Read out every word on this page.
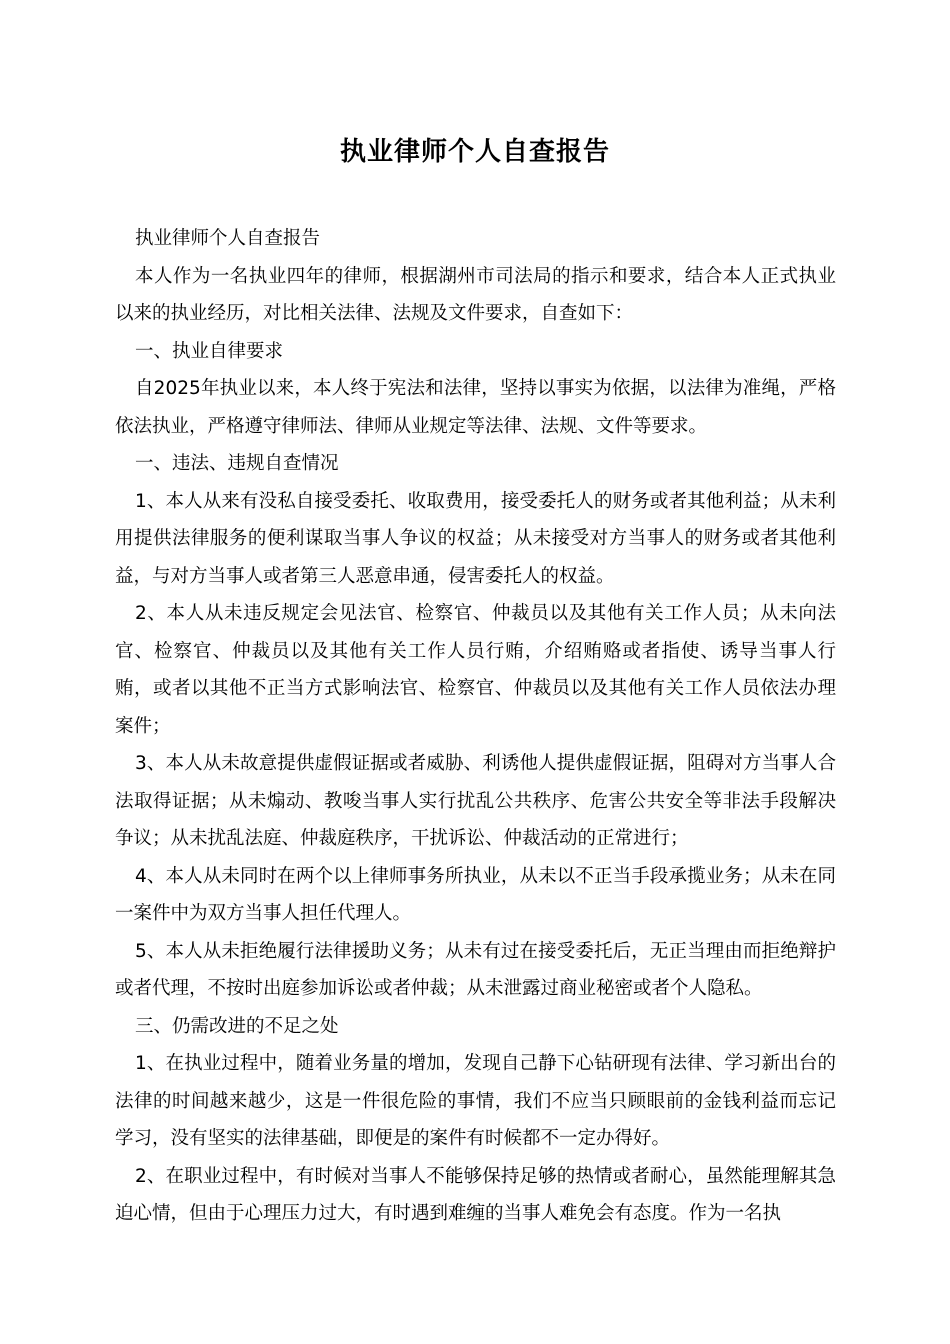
执业律师个人自查报告

执业律师个人自查报告

本人作为一名执业四年的律师，根据湖州市司法局的指示和要求，结合本人正式执业以来的执业经历，对比相关法律、法规及文件要求，自查如下：

一、执业自律要求

自2025年执业以来，本人终于宪法和法律，坚持以事实为依据，以法律为准绳，严格依法执业，严格遵守律师法、律师从业规定等法律、法规、文件等要求。

一、违法、违规自查情况

1、本人从来有没私自接受委托、收取费用，接受委托人的财务或者其他利益；从未利用提供法律服务的便利谋取当事人争议的权益；从未接受对方当事人的财务或者其他利益，与对方当事人或者第三人恶意串通，侵害委托人的权益。

2、本人从未违反规定会见法官、检察官、仲裁员以及其他有关工作人员；从未向法官、检察官、仲裁员以及其他有关工作人员行贿，介绍贿赂或者指使、诱导当事人行贿，或者以其他不正当方式影响法官、检察官、仲裁员以及其他有关工作人员依法办理案件；

3、本人从未故意提供虚假证据或者威胁、利诱他人提供虚假证据，阻碍对方当事人合法取得证据；从未煽动、教唆当事人实行扰乱公共秩序、危害公共安全等非法手段解决争议；从未扰乱法庭、仲裁庭秩序，干扰诉讼、仲裁活动的正常进行；

4、本人从未同时在两个以上律师事务所执业，从未以不正当手段承揽业务；从未在同一案件中为双方当事人担任代理人。

5、本人从未拒绝履行法律援助义务；从未有过在接受委托后，无正当理由而拒绝辩护或者代理，不按时出庭参加诉讼或者仲裁；从未泄露过商业秘密或者个人隐私。

三、仍需改进的不足之处

1、在执业过程中，随着业务量的增加，发现自己静下心钻研现有法律、学习新出台的法律的时间越来越少，这是一件很危险的事情，我们不应当只顾眼前的金钱利益而忘记学习，没有坚实的法律基础，即便是的案件有时候都不一定办得好。

2、在职业过程中，有时候对当事人不能够保持足够的热情或者耐心，虽然能理解其急迫心情，但由于心理压力过大，有时遇到难缠的当事人难免会有态度。作为一名执
